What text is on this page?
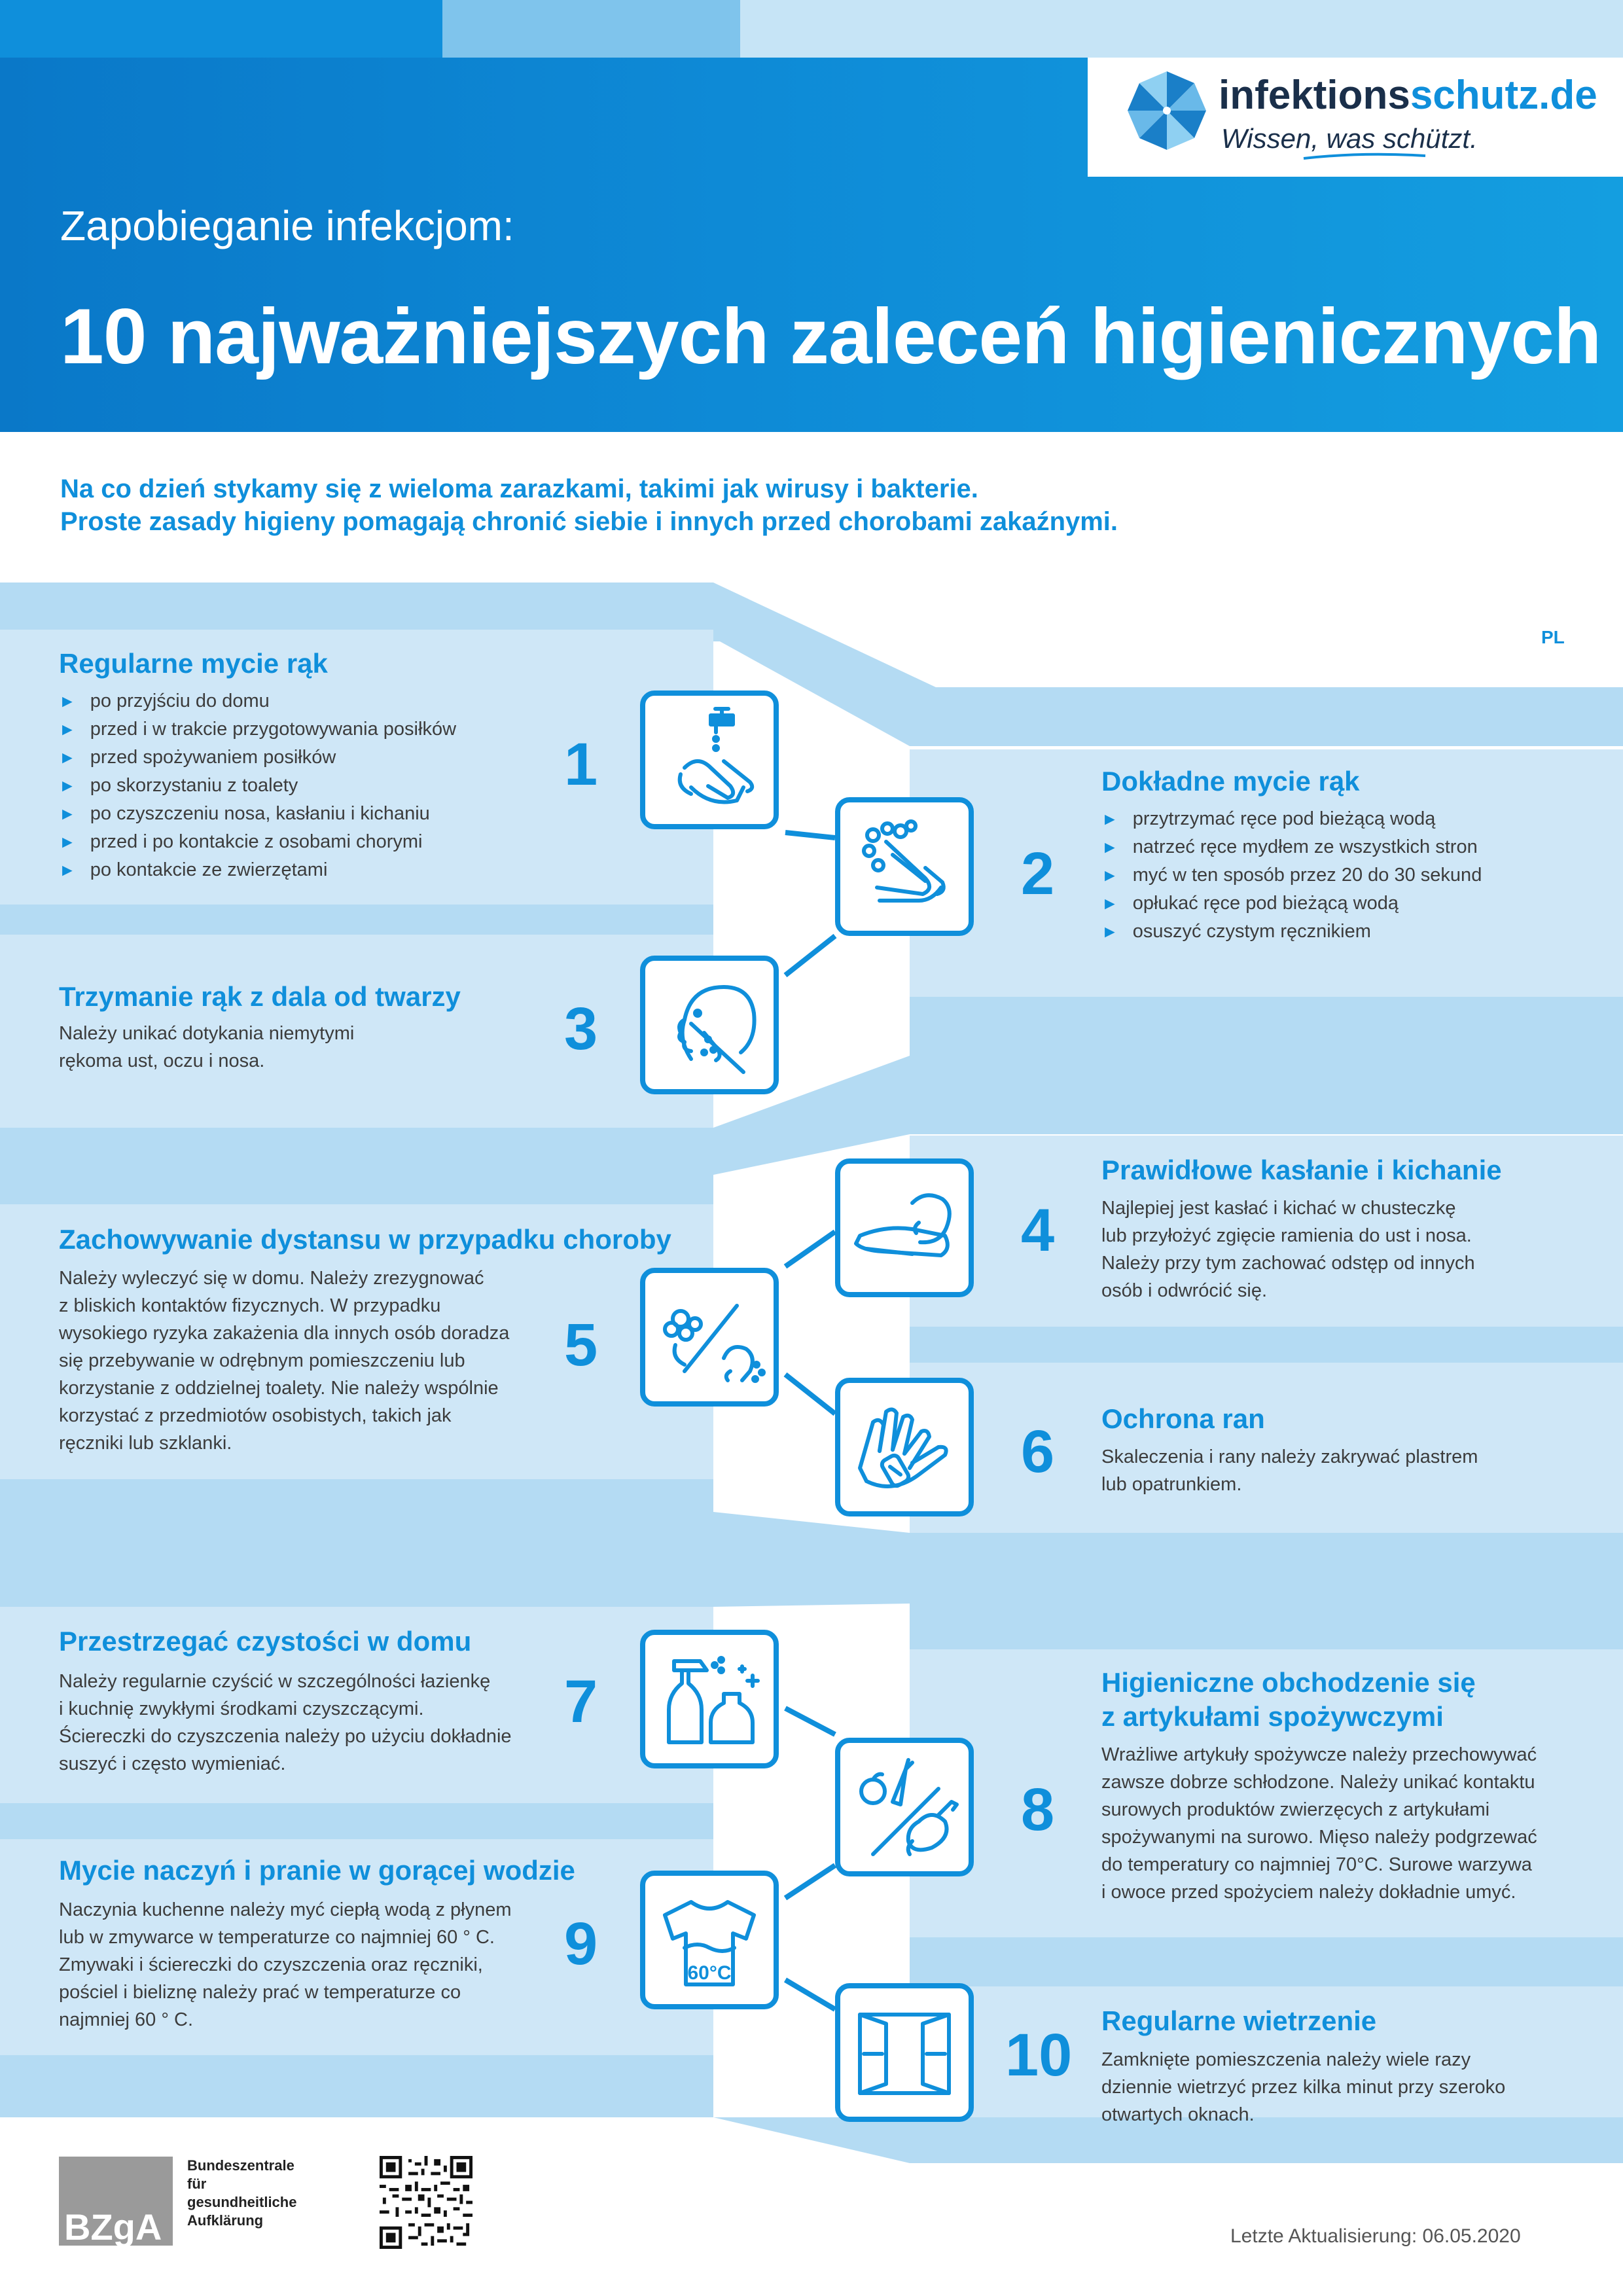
infektionsschutz.de
Wissen, was schützt.
Zapobieganie infekcjom:
10 najważniejszych zaleceń higienicznych
Na co dzień stykamy się z wieloma zarazkami, takimi jak wirusy i bakterie.
Proste zasady higieny pomagają chronić siebie i innych przed chorobami zakaźnymi.
PL
Regularne mycie rąk
► po przyjściu do domu
► przed i w trakcie przygotowywania posiłków
► przed spożywaniem posiłków
► po skorzystaniu z toalety
► po czyszczeniu nosa, kasłaniu i kichaniu
► przed i po kontakcie z osobami chorymi
► po kontakcie ze zwierzętami
1
2
Dokładne mycie rąk
► przytrzymać ręce pod bieżącą wodą
► natrzeć ręce mydłem ze wszystkich stron
► myć w ten sposób przez 20 do 30 sekund
► opłukać ręce pod bieżącą wodą
► osuszyć czystym ręcznikiem
Trzymanie rąk z dala od twarzy
Należy unikać dotykania niemytymi
rękoma ust, oczu i nosa.	3
4
Prawidłowe kasłanie i kichanie
Najlepiej jest kasłać i kichać w chusteczkę
lub przyłożyć zgięcie ramienia do ust i nosa.
Należy przy tym zachować odstęp od innych
osób i odwrócić się.
Zachowywanie dystansu w przypadku choroby
Należy wyleczyć się w domu. Należy zrezygnować
z bliskich kontaktów fizycznych. W przypadku
wysokiego ryzyka zakażenia dla innych osób doradza
się przebywanie w odrębnym pomieszczeniu lub
korzystanie z oddzielnej toalety. Nie należy wspólnie
korzystać z przedmiotów osobistych, takich jak
ręczniki lub szklanki.
5
6 Ochrona ran
Skaleczenia i rany należy zakrywać plastrem
lub opatrunkiem.
Przestrzegać czystości w domu
Należy regularnie czyścić w szczególności łazienkę
i kuchnię zwykłymi środkami czyszczącymi.
Ściereczki do czyszczenia należy po użyciu dokładnie
suszyć i często wymieniać.
7
8
Higieniczne obchodzenie się
z artykułami spożywczymi
Wrażliwe artykuły spożywcze należy przechowywać
zawsze dobrze schłodzone. Należy unikać kontaktu
surowych produktów zwierzęcych z artykułami
spożywanymi na surowo. Mięso należy podgrzewać
do temperatury co najmniej 70°C. Surowe warzywa
i owoce przed spożyciem należy dokładnie umyć.
Mycie naczyń i pranie w gorącej wodzie
Naczynia kuchenne należy myć ciepłą wodą z płynem
lub w zmywarce w temperaturze co najmniej 60 ° C.
Zmywaki i ściereczki do czyszczenia oraz ręczniki,
pościel i bieliznę należy prać w temperaturze co
najmniej 60 ° C.
9	60°C
10
Regularne wietrzenie
Zamknięte pomieszczenia należy wiele razy
dziennie wietrzyć przez kilka minut przy szeroko
otwartych oknach.
BZgA
Bundeszentrale
für
gesundheitliche
Aufklärung
Letzte Aktualisierung: 06.05.2020
